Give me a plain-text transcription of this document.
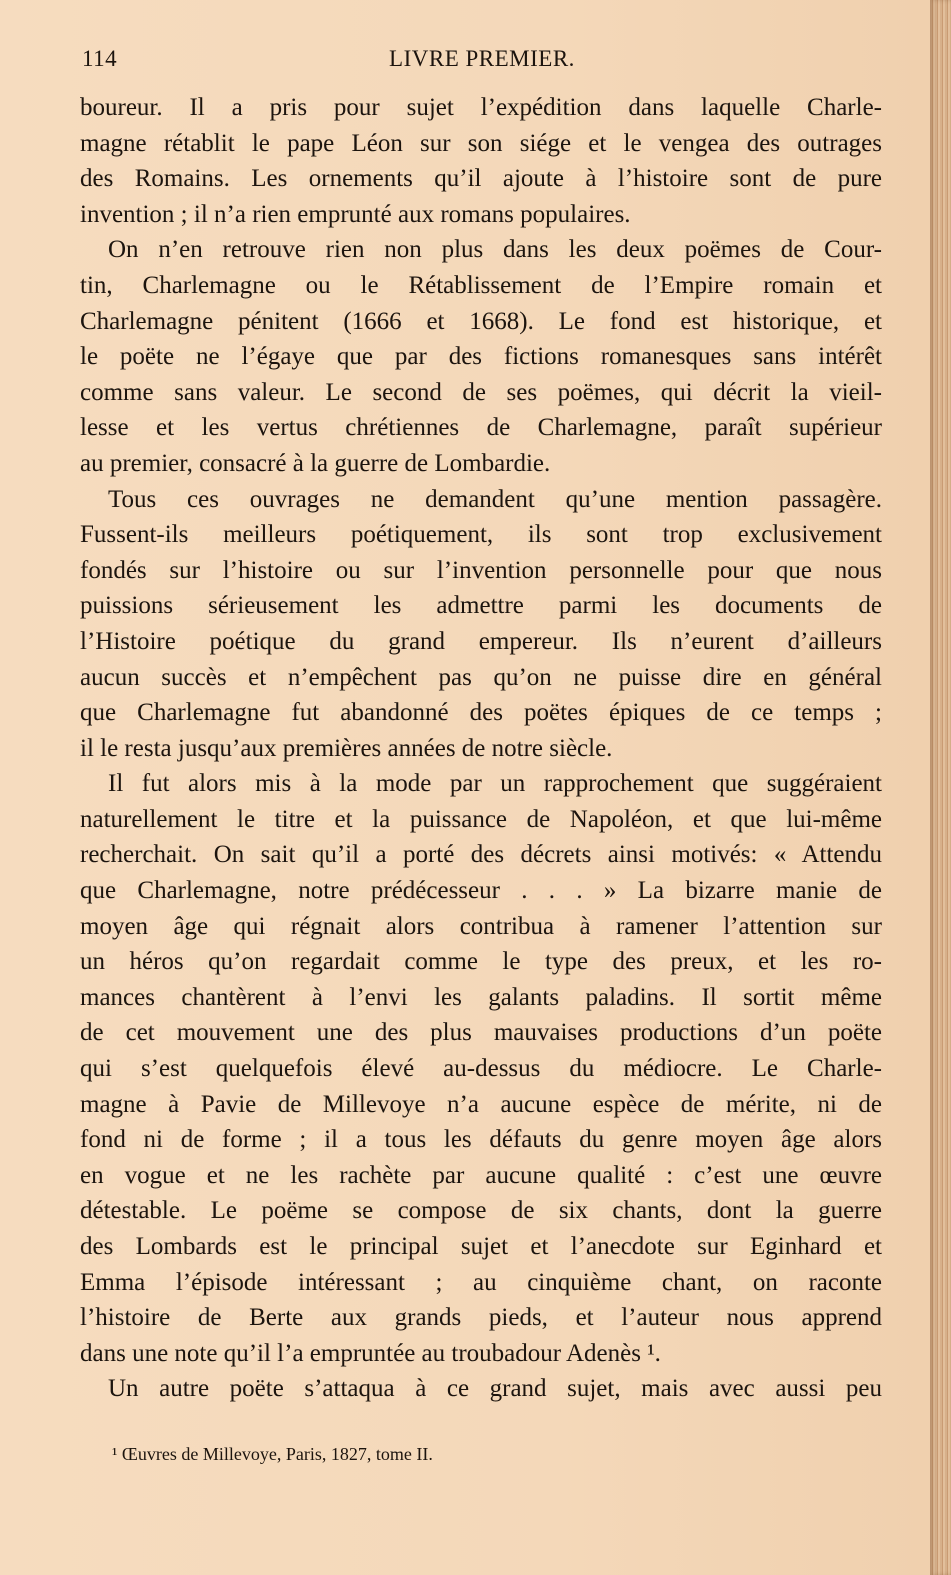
114	LIVRE PREMIER.
boureur. Il a pris pour sujet l’expédition dans laquelle Charle-
magne rétablit le pape Léon sur son siége et le vengea des outrages
des Romains. Les ornements qu’il ajoute à l’histoire sont de pure
invention ; il n’a rien emprunté aux romans populaires.
On n’en retrouve rien non plus dans les deux poëmes de Cour-
tin, Charlemagne ou le Rétablissement de l’Empire romain et
Charlemagne pénitent (1666 et 1668). Le fond est historique, et
le poëte ne l’égaye que par des fictions romanesques sans intérêt
comme sans valeur. Le second de ses poëmes, qui décrit la vieil-
lesse et les vertus chrétiennes de Charlemagne, paraît supérieur
au premier, consacré à la guerre de Lombardie.
Tous ces ouvrages ne demandent qu’une mention passagère.
Fussent-ils meilleurs poétiquement, ils sont trop exclusivement
fondés sur l’histoire ou sur l’invention personnelle pour que nous
puissions sérieusement les admettre parmi les documents de
l’Histoire poétique du grand empereur. Ils n’eurent d’ailleurs
aucun succès et n’empêchent pas qu’on ne puisse dire en général
que Charlemagne fut abandonné des poëtes épiques de ce temps ;
il le resta jusqu’aux premières années de notre siècle.
Il fut alors mis à la mode par un rapprochement que suggéraient
naturellement le titre et la puissance de Napoléon, et que lui-même
recherchait. On sait qu’il a porté des décrets ainsi motivés: « Attendu
que Charlemagne, notre prédécesseur . . . » La bizarre manie de
moyen âge qui régnait alors contribua à ramener l’attention sur
un héros qu’on regardait comme le type des preux, et les ro-
mances chantèrent à l’envi les galants paladins. Il sortit même
de cet mouvement une des plus mauvaises productions d’un poëte
qui s’est quelquefois élevé au-dessus du médiocre. Le Charle-
magne à Pavie de Millevoye n’a aucune espèce de mérite, ni de
fond ni de forme ; il a tous les défauts du genre moyen âge alors
en vogue et ne les rachète par aucune qualité : c’est une œuvre
détestable. Le poëme se compose de six chants, dont la guerre
des Lombards est le principal sujet et l’anecdote sur Eginhard et
Emma l’épisode intéressant ; au cinquième chant, on raconte
l’histoire de Berte aux grands pieds, et l’auteur nous apprend
dans une note qu’il l’a empruntée au troubadour Adenès ¹.
Un autre poëte s’attaqua à ce grand sujet, mais avec aussi peu
¹ Œuvres de Millevoye, Paris, 1827, tome II.
